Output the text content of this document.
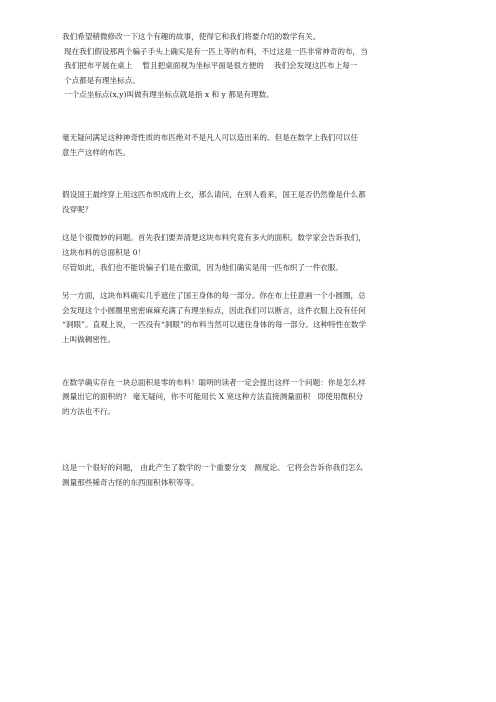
我们希望稍微修改一下这个有趣的故事，使得它和我们将要介绍的数学有关。

现在我们假设那两个骗子手头上确实是有一匹上等的布料，不过这是一匹非常神奇的布，当
我们把布平展在桌上　 暂且把桌面视为坐标平面是很方便的　 我们会发现这匹布上每一
个点都是有理坐标点。
一个点坐标点(x,y)叫做有理坐标点就是指 x 和 y 都是有理数。

毫无疑问满足这种神奇性质的布匹绝对不是凡人可以造出来的。但是在数学上我们可以任
意生产这样的布匹。

假设国王最终穿上用这匹布织成的上衣，那么请问，在别人看来，国王是否仍然像是什么都
没穿呢？

这是个很微妙的问题。首先我们要弄清楚这块布料究竟有多大的面积。数学家会告诉我们，
这块布料的总面积是 0！
尽管如此，我们也不能说骗子们是在撒谎，因为他们确实是用一匹布织了一件衣服。

另一方面，这块布料确实几乎遮住了国王身体的每一部分。你在布上任意画一个小圆圈，总
会发现这个小圆圈里密密麻麻充满了有理坐标点，因此我们可以断言，这件衣服上没有任何
“洞眼”。直观上说，一匹没有“洞眼”的布料当然可以遮住身体的每一部分。这种特性在数学
上叫做稠密性。

在数学确实存在一块总面积是零的布料！聪明的读者一定会提出这样一个问题：你是怎么样
测量出它的面积的？ 毫无疑问，你不可能用长 X 宽这种方法直接测量面积　即使用微积分
的方法也不行。

这是一个很好的问题， 由此产生了数学的一个重要分支　测度论。 它将会告诉你我们怎么
测量那些稀奇古怪的东西面积体积等等。
